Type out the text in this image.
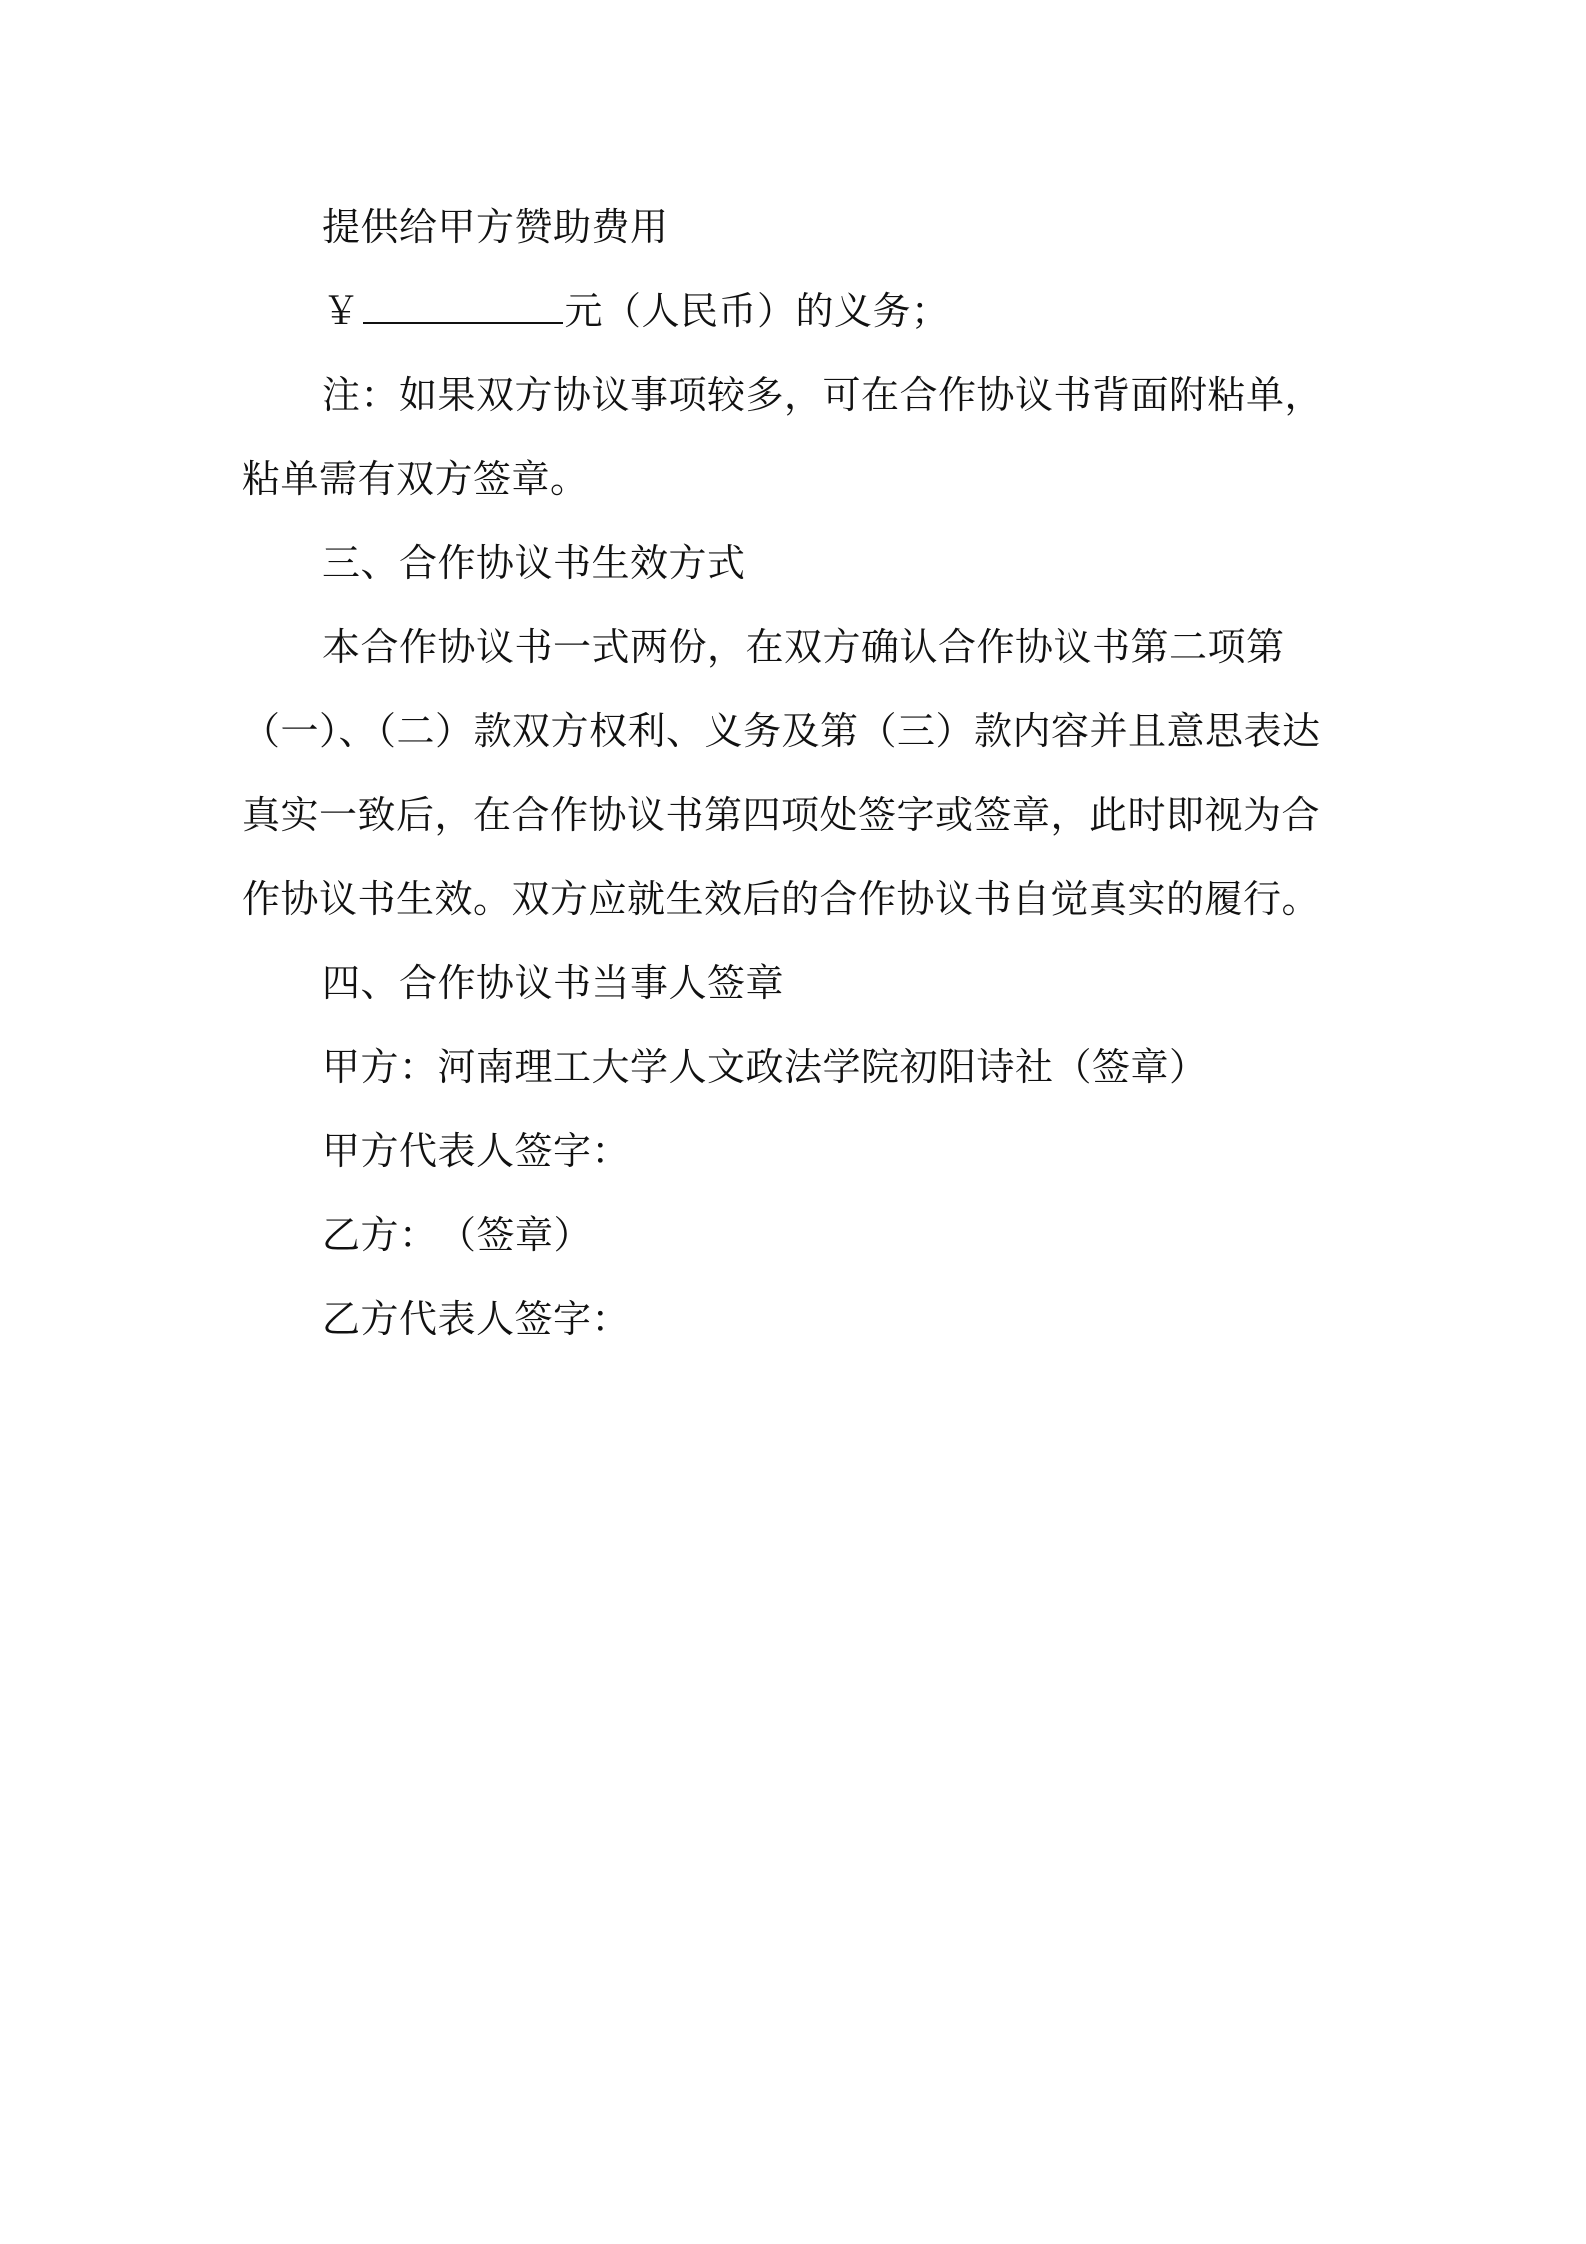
提供给甲方赞助费用
￥	元（人民币）的义务；
注：如果双方协议事项较多，可在合作协议书背面附粘单，
粘单需有双方签章。
三、合作协议书生效方式
本合作协议书一式两份，在双方确认合作协议书第二项第
（一）、（二）款双方权利、义务及第（三）款内容并且意思表达
真实一致后，在合作协议书第四项处签字或签章，此时即视为合
作协议书生效。双方应就生效后的合作协议书自觉真实的履行。
四、合作协议书当事人签章
甲方：河南理工大学人文政法学院初阳诗社（签章）
甲方代表人签字：
乙方：　（签章）
乙方代表人签字：
